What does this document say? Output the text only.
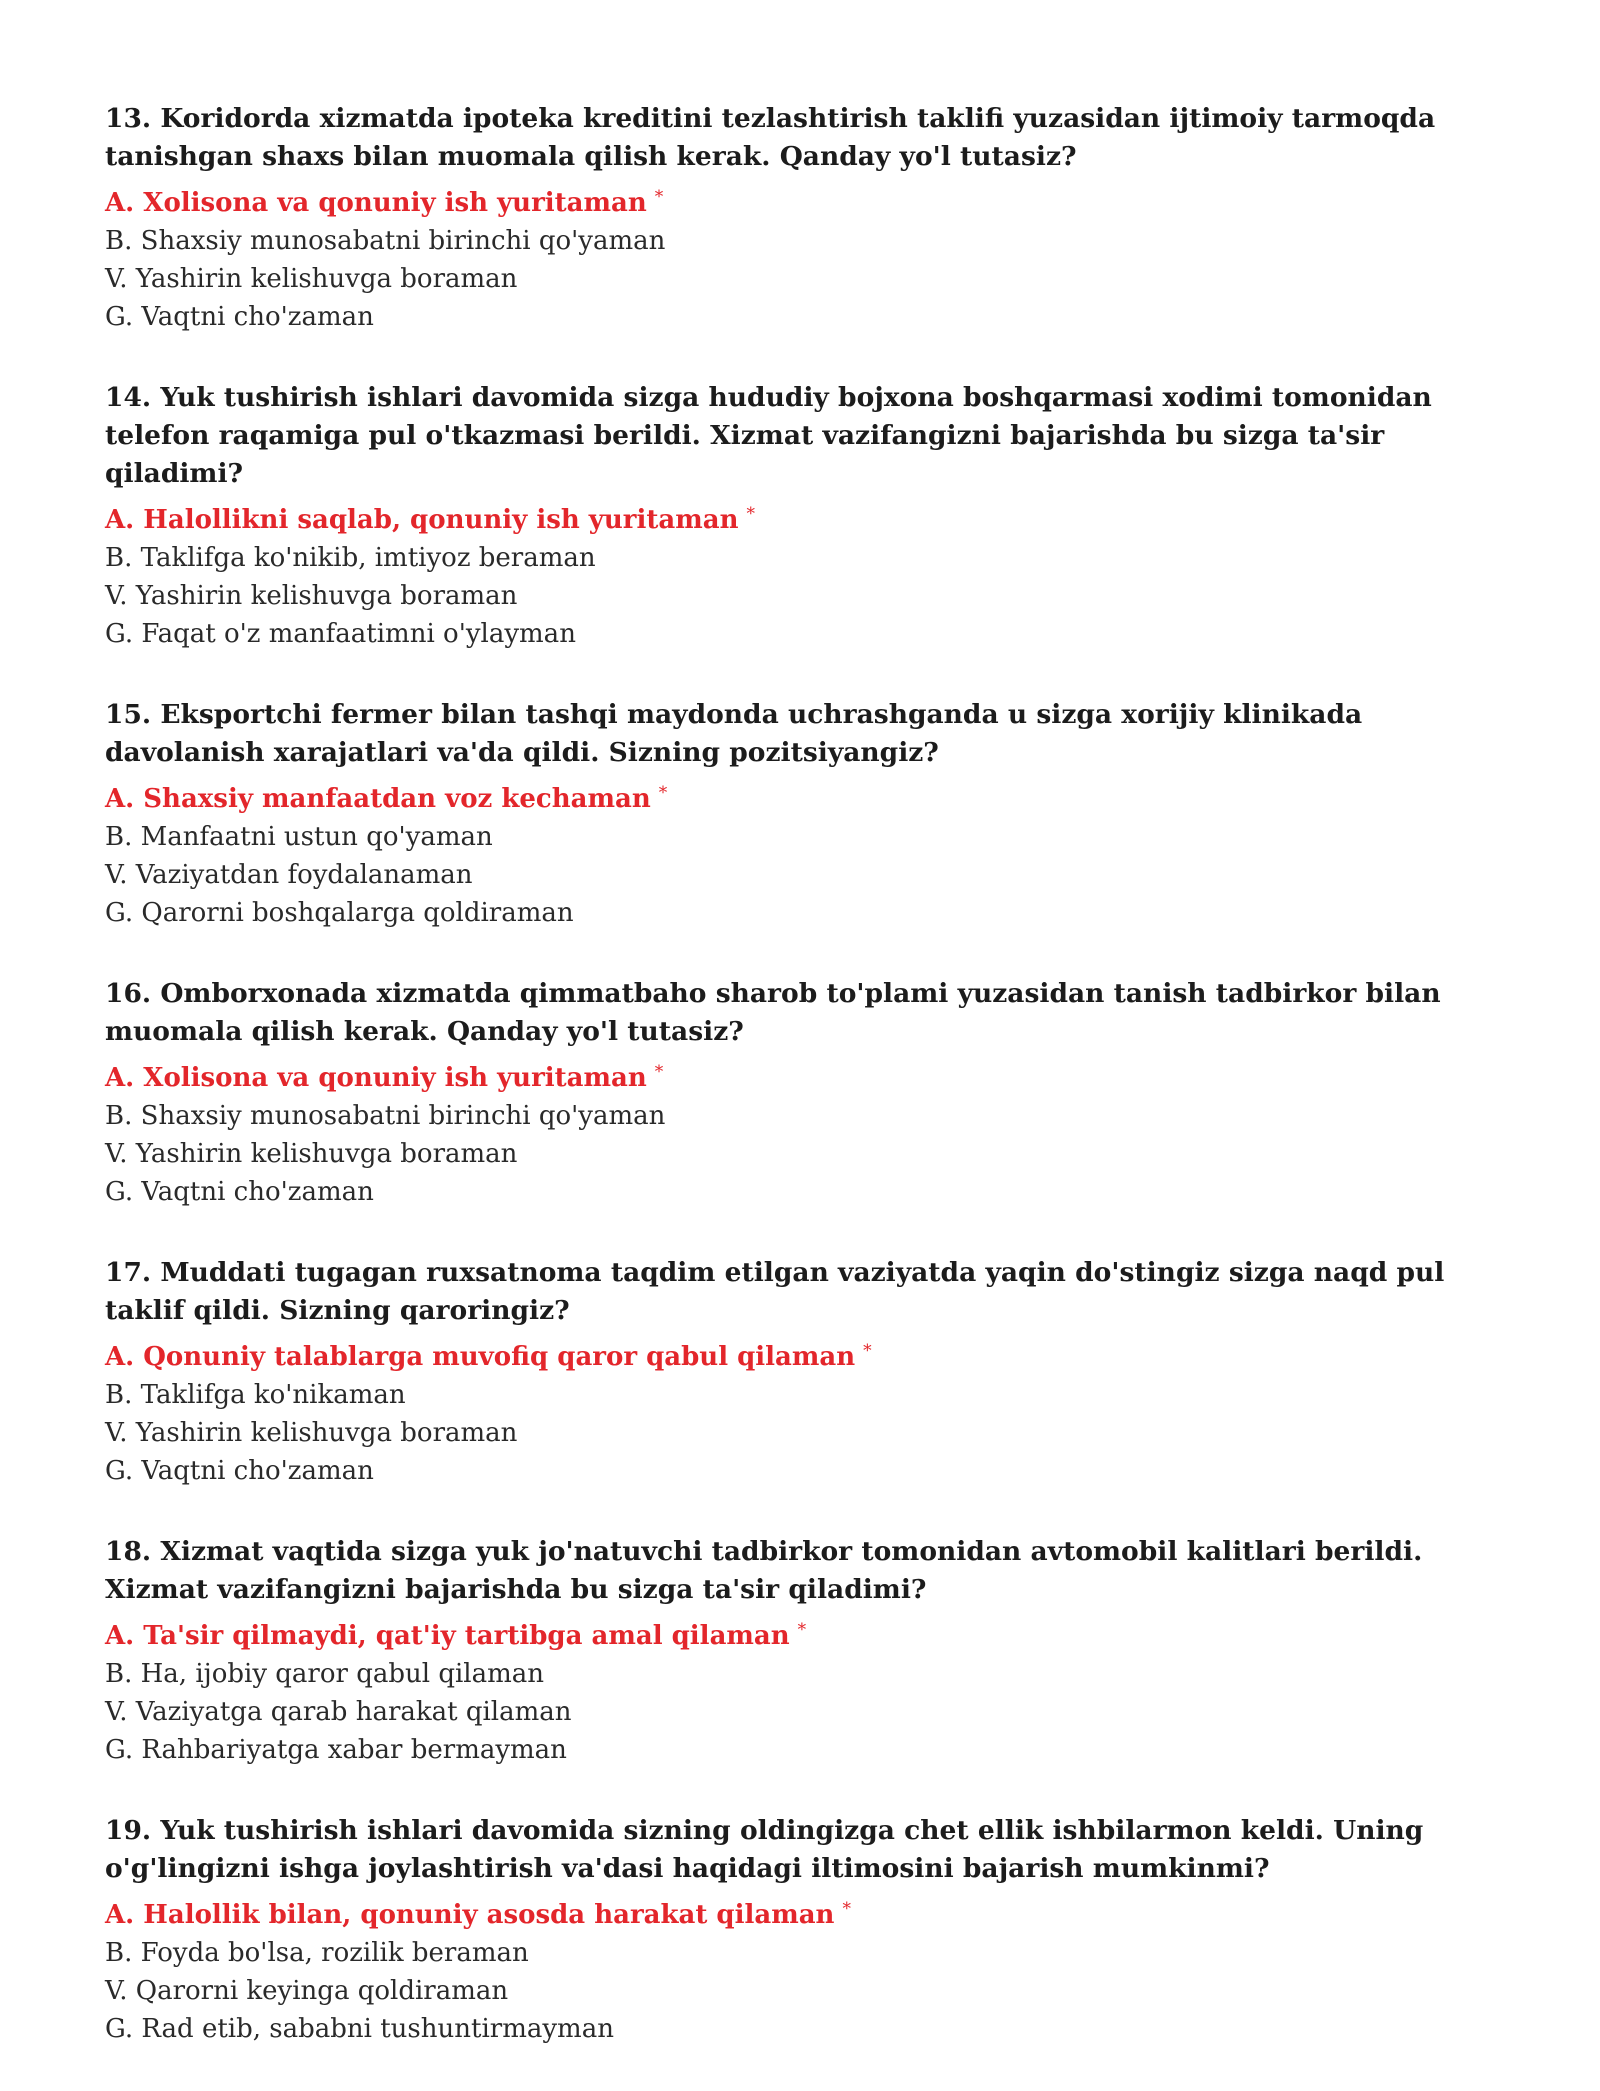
13. Koridorda xizmatda ipoteka kreditini tezlashtirish taklifi yuzasidan ijtimoiy tarmoqda tanishgan shaxs bilan muomala qilish kerak. Qanday yo'l tutasiz?

A. Xolisona va qonuniy ish yuritaman *

B. Shaxsiy munosabatni birinchi qo'yaman

V. Yashirin kelishuvga boraman

G. Vaqtni cho'zaman

14. Yuk tushirish ishlari davomida sizga hududiy bojxona boshqarmasi xodimi tomonidan telefon raqamiga pul o'tkazmasi berildi. Xizmat vazifangizni bajarishda bu sizga ta'sir qiladimi?

A. Halollikni saqlab, qonuniy ish yuritaman *

B. Taklifga ko'nikib, imtiyoz beraman

V. Yashirin kelishuvga boraman

G. Faqat o'z manfaatimni o'ylayman

15. Eksportchi fermer bilan tashqi maydonda uchrashganda u sizga xorijiy klinikada davolanish xarajatlari va'da qildi. Sizning pozitsiyangiz?

A. Shaxsiy manfaatdan voz kechaman *

B. Manfaatni ustun qo'yaman

V. Vaziyatdan foydalanaman

G. Qarorni boshqalarga qoldiraman

16. Omborxonada xizmatda qimmatbaho sharob to'plami yuzasidan tanish tadbirkor bilan muomala qilish kerak. Qanday yo'l tutasiz?

A. Xolisona va qonuniy ish yuritaman *

B. Shaxsiy munosabatni birinchi qo'yaman

V. Yashirin kelishuvga boraman

G. Vaqtni cho'zaman

17. Muddati tugagan ruxsatnoma taqdim etilgan vaziyatda yaqin do'stingiz sizga naqd pul taklif qildi. Sizning qaroringiz?

A. Qonuniy talablarga muvofiq qaror qabul qilaman *

B. Taklifga ko'nikaman

V. Yashirin kelishuvga boraman

G. Vaqtni cho'zaman

18. Xizmat vaqtida sizga yuk jo'natuvchi tadbirkor tomonidan avtomobil kalitlari berildi. Xizmat vazifangizni bajarishda bu sizga ta'sir qiladimi?

A. Ta'sir qilmaydi, qat'iy tartibga amal qilaman *

B. Ha, ijobiy qaror qabul qilaman

V. Vaziyatga qarab harakat qilaman

G. Rahbariyatga xabar bermayman

19. Yuk tushirish ishlari davomida sizning oldingizga chet ellik ishbilarmon keldi. Uning o'g'lingizni ishga joylashtirish va'dasi haqidagi iltimosini bajarish mumkinmi?

A. Halollik bilan, qonuniy asosda harakat qilaman *

B. Foyda bo'lsa, rozilik beraman

V. Qarorni keyinga qoldiraman

G. Rad etib, sababni tushuntirmayman
